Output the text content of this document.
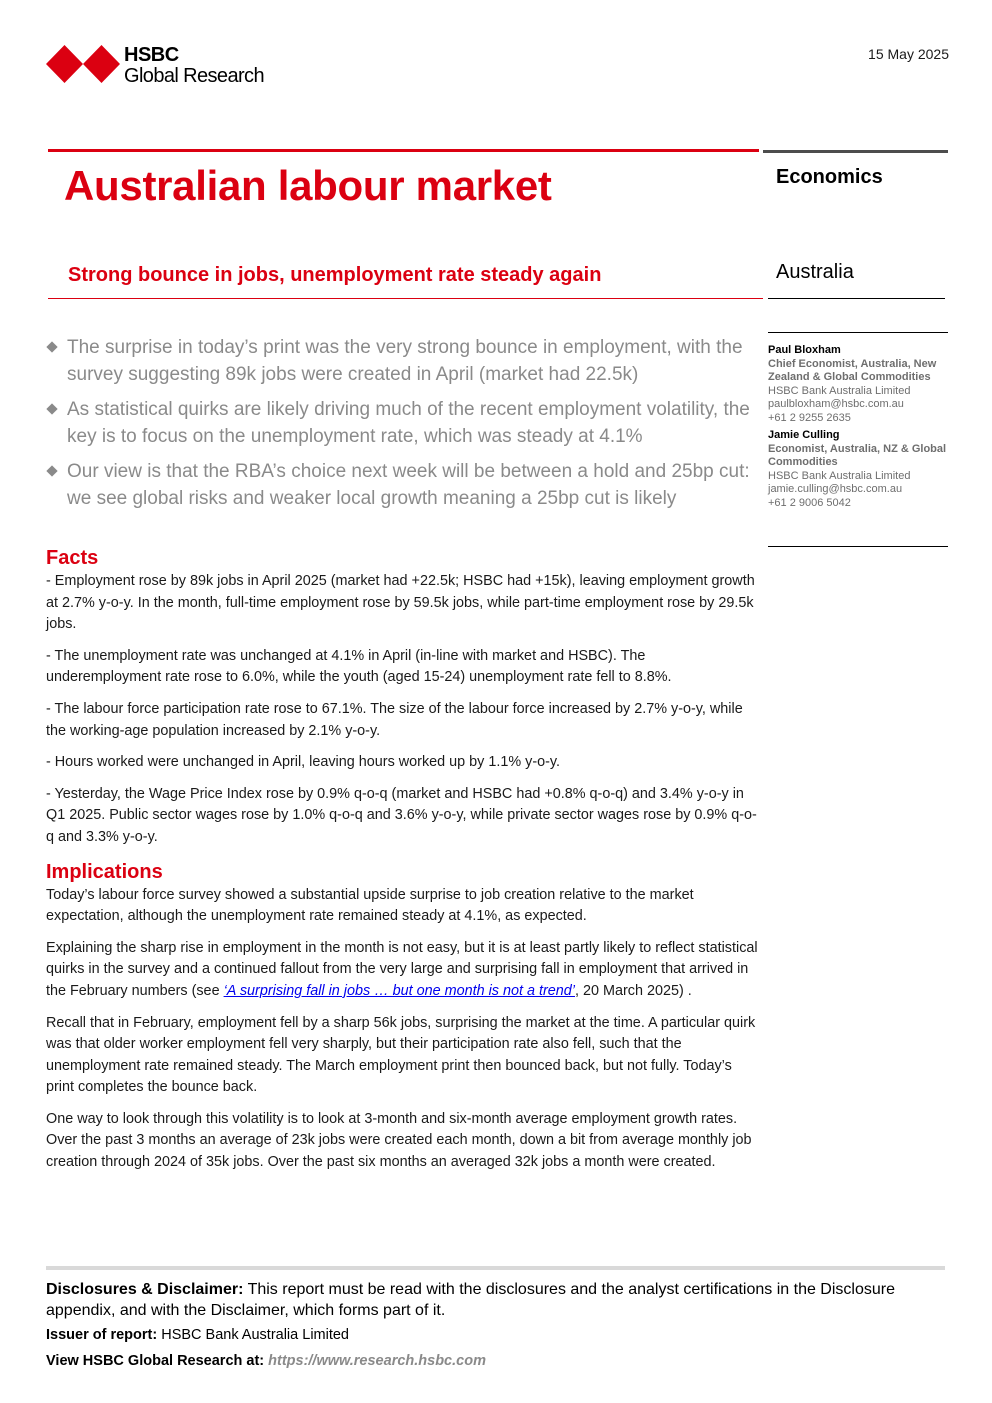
HSBC
Global Research
15 May 2025
Australian labour market
Strong bounce in jobs, unemployment rate steady again
Economics
Australia
Paul Bloxham
Chief Economist, Australia, New Zealand & Global Commodities
HSBC Bank Australia Limited
paulbloxham@hsbc.com.au
+61 2 9255 2635
Jamie Culling
Economist, Australia, NZ & Global Commodities
HSBC Bank Australia Limited
jamie.culling@hsbc.com.au
+61 2 9006 5042
The surprise in today’s print was the very strong bounce in employment, with the survey suggesting 89k jobs were created in April (market had 22.5k)
As statistical quirks are likely driving much of the recent employment volatility, the key is to focus on the unemployment rate, which was steady at 4.1%
Our view is that the RBA’s choice next week will be between a hold and 25bp cut: we see global risks and weaker local growth meaning a 25bp cut is likely
Facts

- Employment rose by 89k jobs in April 2025 (market had +22.5k; HSBC had +15k), leaving employment growth at 2.7% y-o-y. In the month, full-time employment rose by 59.5k jobs, while part-time employment rose by 29.5k jobs.

- The unemployment rate was unchanged at 4.1% in April (in-line with market and HSBC). The underemployment rate rose to 6.0%, while the youth (aged 15-24) unemployment rate fell to 8.8%.

- The labour force participation rate rose to 67.1%. The size of the labour force increased by 2.7% y-o-y, while the working-age population increased by 2.1% y-o-y.

- Hours worked were unchanged in April, leaving hours worked up by 1.1% y-o-y.

- Yesterday, the Wage Price Index rose by 0.9% q-o-q (market and HSBC had +0.8% q-o-q) and 3.4% y-o-y in Q1 2025. Public sector wages rose by 1.0% q-o-q and 3.6% y-o-y, while private sector wages rose by 0.9% q-o-q and 3.3% y-o-y.

Implications

Today’s labour force survey showed a substantial upside surprise to job creation relative to the market expectation, although the unemployment rate remained steady at 4.1%, as expected.

Explaining the sharp rise in employment in the month is not easy, but it is at least partly likely to reflect statistical quirks in the survey and a continued fallout from the very large and surprising fall in employment that arrived in the February numbers (see ‘A surprising fall in jobs … but one month is not a trend’, 20 March 2025) .

Recall that in February, employment fell by a sharp 56k jobs, surprising the market at the time. A particular quirk was that older worker employment fell very sharply, but their participation rate also fell, such that the unemployment rate remained steady. The March employment print then bounced back, but not fully. Today’s print completes the bounce back.

One way to look through this volatility is to look at 3-month and six-month average employment growth rates. Over the past 3 months an average of 23k jobs were created each month, down a bit from average monthly job creation through 2024 of 35k jobs. Over the past six months an averaged 32k jobs a month were created.

Disclosures & Disclaimer: This report must be read with the disclosures and the analyst certifications in the Disclosure appendix, and with the Disclaimer, which forms part of it.
Issuer of report: HSBC Bank Australia Limited
View HSBC Global Research at: https://www.research.hsbc.com
